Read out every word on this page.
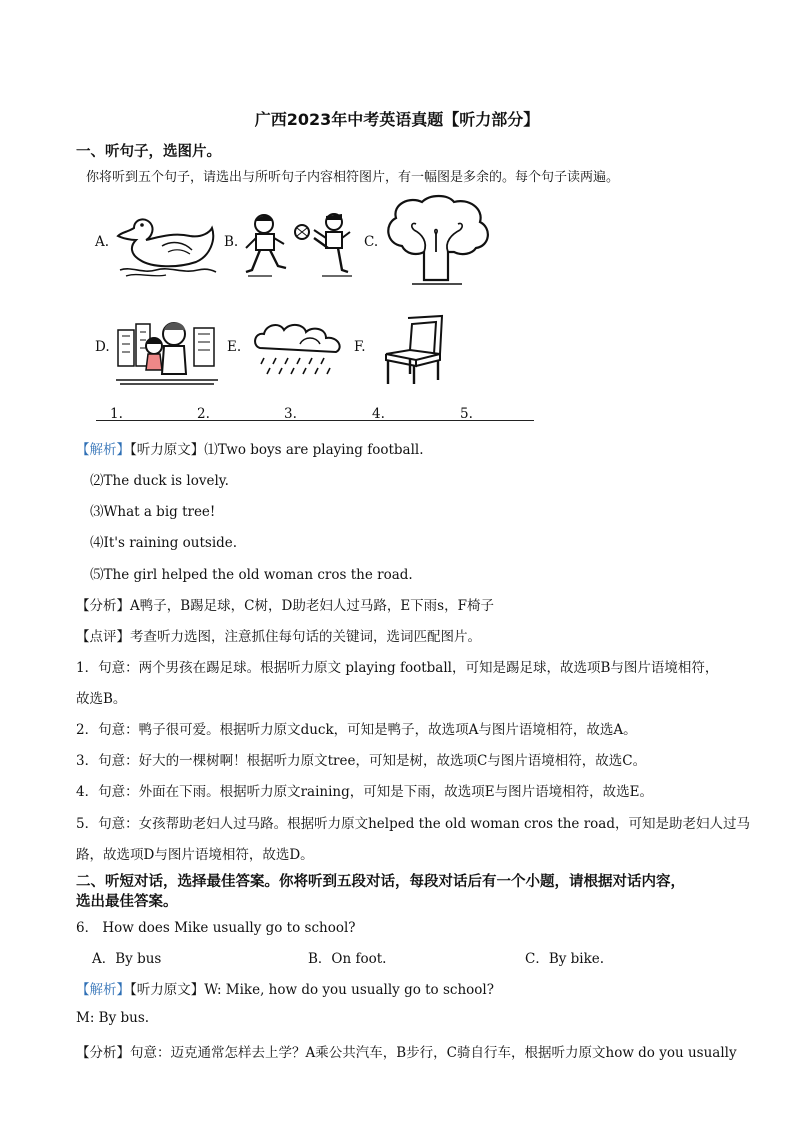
广西2023年中考英语真题【听力部分】
一、听句子，选图片。
你将听到五个句子，请选出与所听句子内容相符图片，有一幅图是多余的。每个句子读两遍。
A.	B.	C.
D.	E.	F.
1.	2.	3.	4.	5.
【解析】【听力原文】⑴Two boys are playing football.
⑵The duck is lovely.
⑶What a big tree!
⑷It's raining outside.
⑸The girl helped the old woman cros the road.
【分析】A鸭子，B踢足球，C树，D助老妇人过马路，E下雨s，F椅子
【点评】考查听力选图，注意抓住每句话的关键词，选词匹配图片。
1．句意：两个男孩在踢足球。根据听力原文 playing football，可知是踢足球，故选项B与图片语境相符，
故选B。
2．句意：鸭子很可爱。根据听力原文duck，可知是鸭子，故选项A与图片语境相符，故选A。
3．句意：好大的一棵树啊！根据听力原文tree，可知是树，故选项C与图片语境相符，故选C。
4．句意：外面在下雨。根据听力原文raining，可知是下雨，故选项E与图片语境相符，故选E。
5．句意：女孩帮助老妇人过马路。根据听力原文helped the old woman cros the road，可知是助老妇人过马
路，故选项D与图片语境相符，故选D。
二、听短对话，选择最佳答案。你将听到五段对话，每段对话后有一个小题，请根据对话内容，
选出最佳答案。
6． How does Mike usually go to school?
A．By bus	B．On foot.	C．By bike.
【解析】【听力原文】W: Mike, how do you usually go to school?
M: By bus.
【分析】句意：迈克通常怎样去上学？A乘公共汽车，B步行，C骑自行车，根据听力原文how do you usually
